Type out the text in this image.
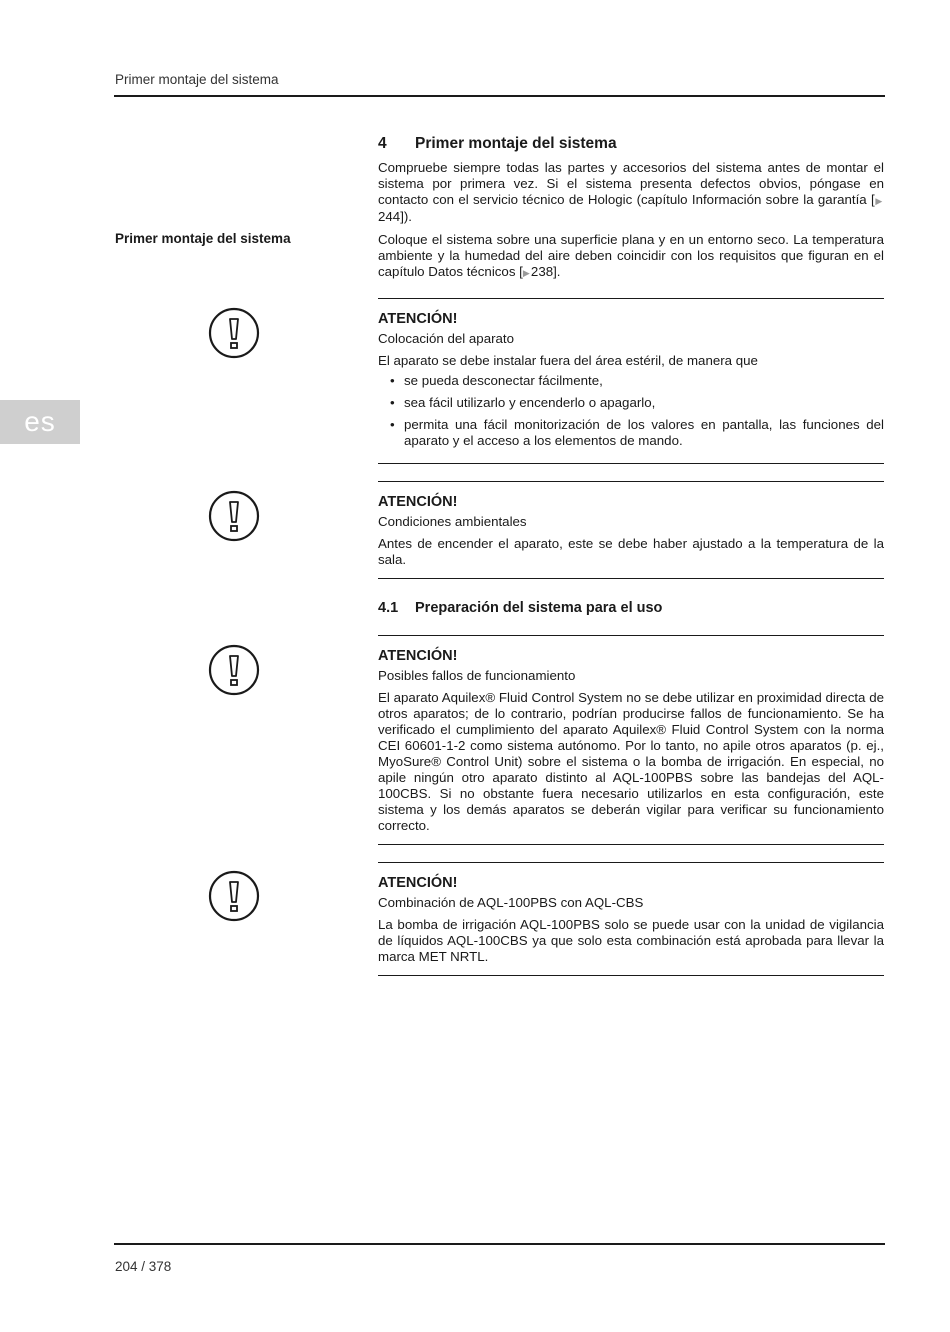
Primer montaje del sistema
es
Primer montaje del sistema
4 Primer montaje del sistema
Compruebe siempre todas las partes y accesorios del sistema antes de montar el sistema por primera vez. Si el sistema presenta defectos obvios, póngase en contacto con el servicio técnico de Hologic (capítulo Información sobre la garantía [▶ 244]).
Coloque el sistema sobre una superficie plana y en un entorno seco. La temperatura ambiente y la humedad del aire deben coincidir con los requisitos que figuran en el capítulo Datos técnicos [▶ 238].
ATENCIÓN!
Colocación del aparato
El aparato se debe instalar fuera del área estéril, de manera que
• se pueda desconectar fácilmente,
• sea fácil utilizarlo y encenderlo o apagarlo,
• permita una fácil monitorización de los valores en pantalla, las funciones del aparato y el acceso a los elementos de mando.
ATENCIÓN!
Condiciones ambientales
Antes de encender el aparato, este se debe haber ajustado a la temperatura de la sala.
4.1 Preparación del sistema para el uso
ATENCIÓN!
Posibles fallos de funcionamiento
El aparato Aquilex® Fluid Control System no se debe utilizar en proximidad directa de otros aparatos; de lo contrario, podrían producirse fallos de funcionamiento. Se ha verificado el cumplimiento del aparato Aquilex® Fluid Control System con la norma CEI 60601-1-2 como sistema autónomo. Por lo tanto, no apile otros aparatos (p. ej., MyoSure® Control Unit) sobre el sistema o la bomba de irrigación. En especial, no apile ningún otro aparato distinto al AQL-100PBS sobre las bandejas del AQL-100CBS. Si no obstante fuera necesario utilizarlos en esta configuración, este sistema y los demás aparatos se deberán vigilar para verificar su funcionamiento correcto.
ATENCIÓN!
Combinación de AQL-100PBS con AQL-CBS
La bomba de irrigación AQL-100PBS solo se puede usar con la unidad de vigilancia de líquidos AQL-100CBS ya que solo esta combinación está aprobada para llevar la marca MET NRTL.
204 / 378
